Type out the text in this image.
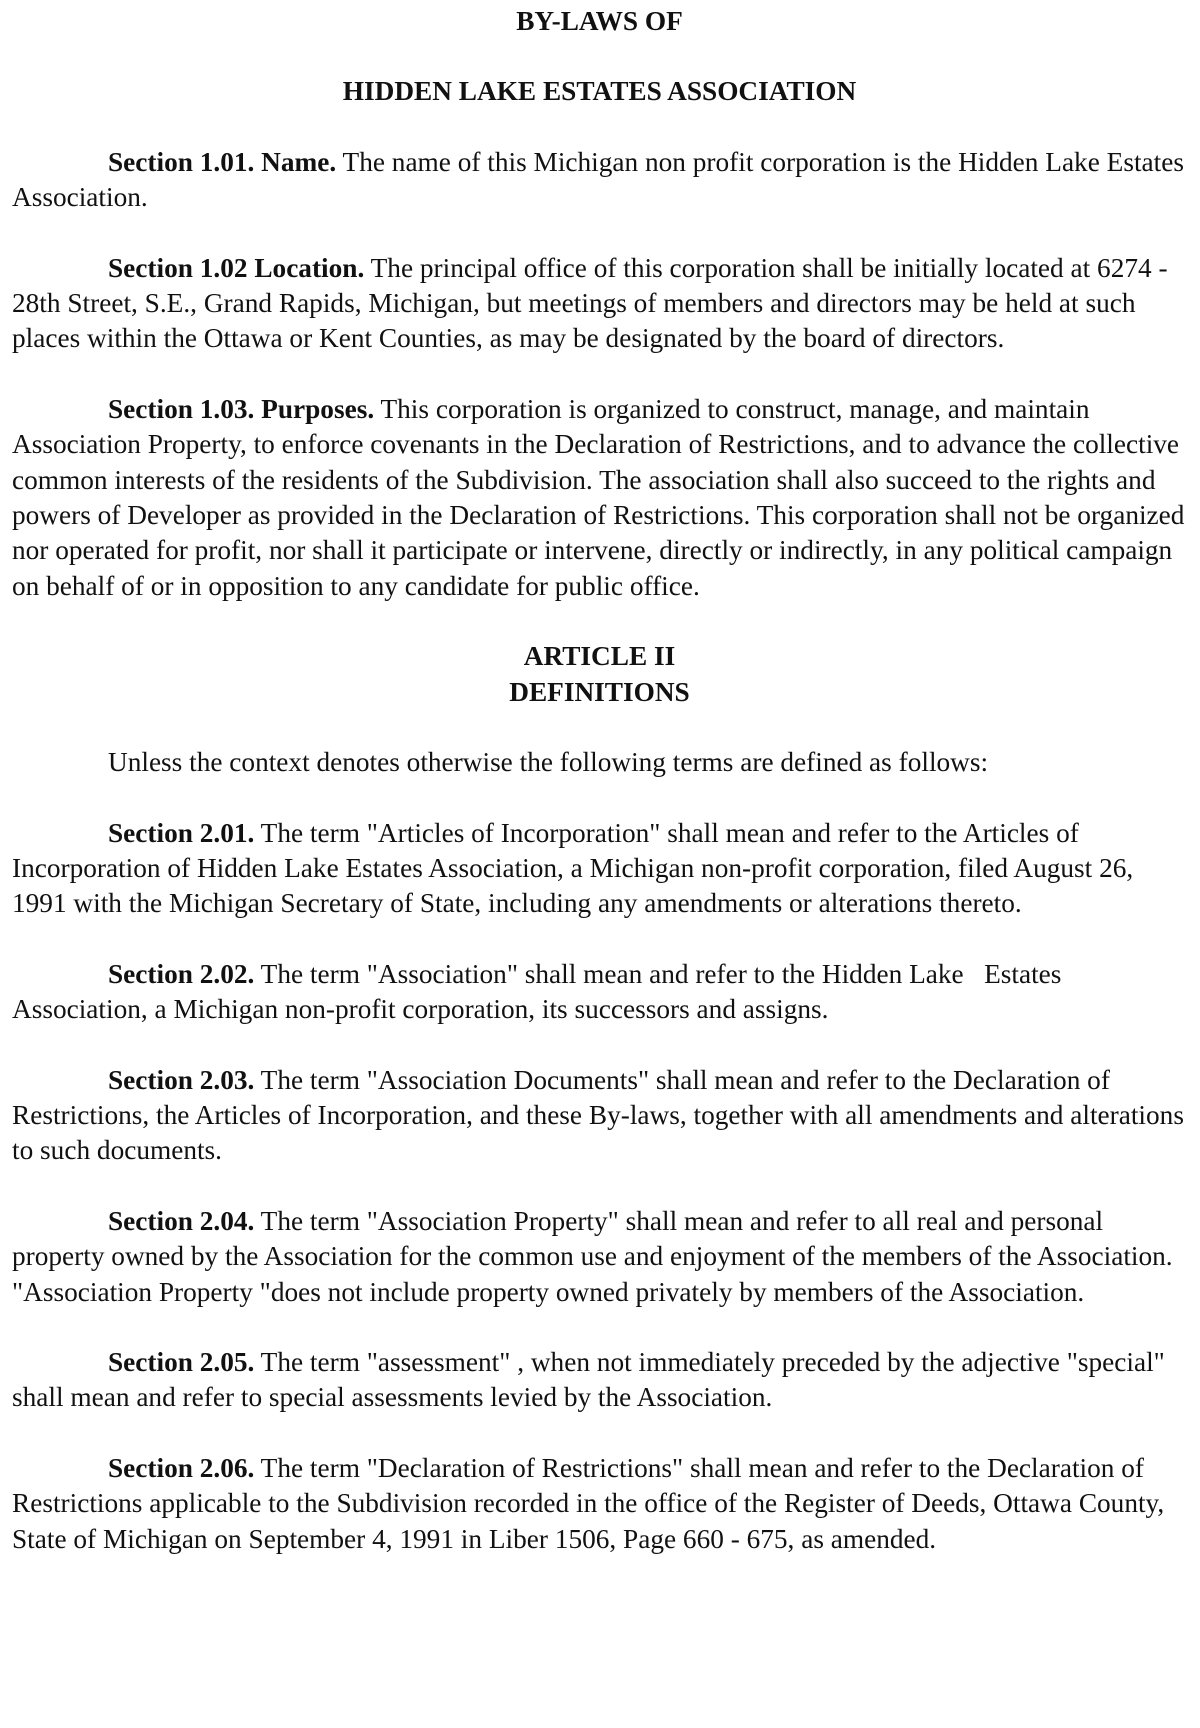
BY-LAWS OF
HIDDEN LAKE ESTATES ASSOCIATION

Section 1.01. Name. The name of this Michigan non profit corporation is the Hidden Lake Estates Association.

Section 1.02 Location. The principal office of this corporation shall be initially located at 6274 - 28th Street, S.E., Grand Rapids, Michigan, but meetings of members and directors may be held at such places within the Ottawa or Kent Counties, as may be designated by the board of directors.

Section 1.03. Purposes. This corporation is organized to construct, manage, and maintain Association Property, to enforce covenants in the Declaration of Restrictions, and to advance the collective common interests of the residents of the Subdivision. The association shall also succeed to the rights and powers of Developer as provided in the Declaration of Restrictions. This corporation shall not be organized nor operated for profit, nor shall it participate or intervene, directly or indirectly, in any political campaign on behalf of or in opposition to any candidate for public office.

ARTICLE II
DEFINITIONS

Unless the context denotes otherwise the following terms are defined as follows:

Section 2.01. The term "Articles of Incorporation" shall mean and refer to the Articles of Incorporation of Hidden Lake Estates Association, a Michigan non-profit corporation, filed August 26, 1991 with the Michigan Secretary of State, including any amendments or alterations thereto.

Section 2.02. The term "Association" shall mean and refer to the Hidden Lake   Estates Association, a Michigan non-profit corporation, its successors and assigns.

Section 2.03. The term "Association Documents" shall mean and refer to the Declaration of Restrictions, the Articles of Incorporation, and these By-laws, together with all amendments and alterations to such documents.

Section 2.04. The term "Association Property" shall mean and refer to all real and personal property owned by the Association for the common use and enjoyment of the members of the Association. "Association Property "does not include property owned privately by members of the Association.

Section 2.05. The term "assessment" , when not immediately preceded by the adjective "special" shall mean and refer to special assessments levied by the Association.

Section 2.06. The term "Declaration of Restrictions" shall mean and refer to the Declaration of Restrictions applicable to the Subdivision recorded in the office of the Register of Deeds, Ottawa County, State of Michigan on September 4, 1991 in Liber 1506, Page 660 - 675, as amended.
